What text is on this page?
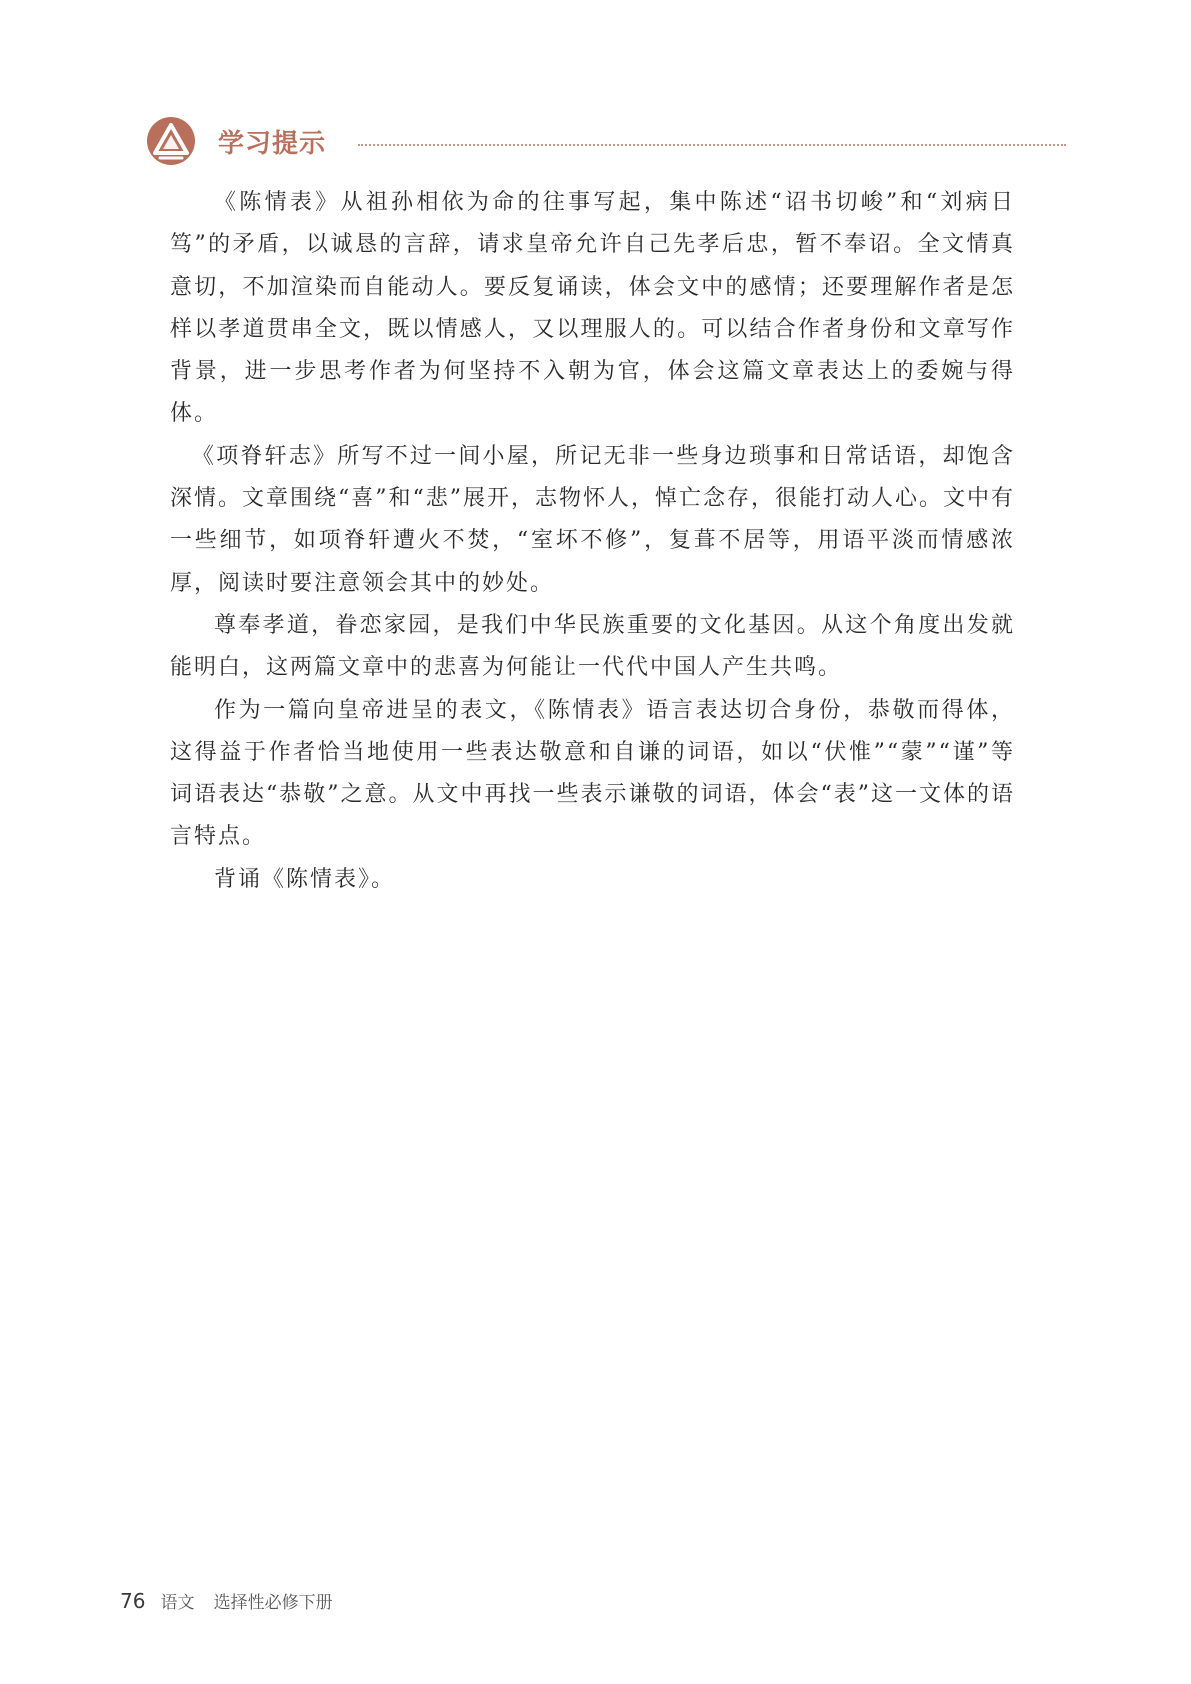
学习提示

《陈情表》从祖孙相依为命的往事写起，集中陈述“诏书切峻”和“刘病日笃”的矛盾，以诚恳的言辞，请求皇帝允许自己先孝后忠，暂不奉诏。全文情真意切，不加渲染而自能动人。要反复诵读，体会文中的感情；还要理解作者是怎样以孝道贯串全文，既以情感人，又以理服人的。可以结合作者身份和文章写作背景，进一步思考作者为何坚持不入朝为官，体会这篇文章表达上的委婉与得体。

《项脊轩志》所写不过一间小屋，所记无非一些身边琐事和日常话语，却饱含深情。文章围绕“喜”和“悲”展开，志物怀人，悼亡念存，很能打动人心。文中有一些细节，如项脊轩遭火不焚，“室坏不修”，复葺不居等，用语平淡而情感浓厚，阅读时要注意领会其中的妙处。

尊奉孝道，眷恋家园，是我们中华民族重要的文化基因。从这个角度出发就能明白，这两篇文章中的悲喜为何能让一代代中国人产生共鸣。

作为一篇向皇帝进呈的表文，《陈情表》语言表达切合身份，恭敬而得体，这得益于作者恰当地使用一些表达敬意和自谦的词语，如以“伏惟”“蒙”“谨”等词语表达“恭敬”之意。从文中再找一些表示谦敬的词语，体会“表”这一文体的语言特点。

背诵《陈情表》。

76 语文 选择性必修下册
